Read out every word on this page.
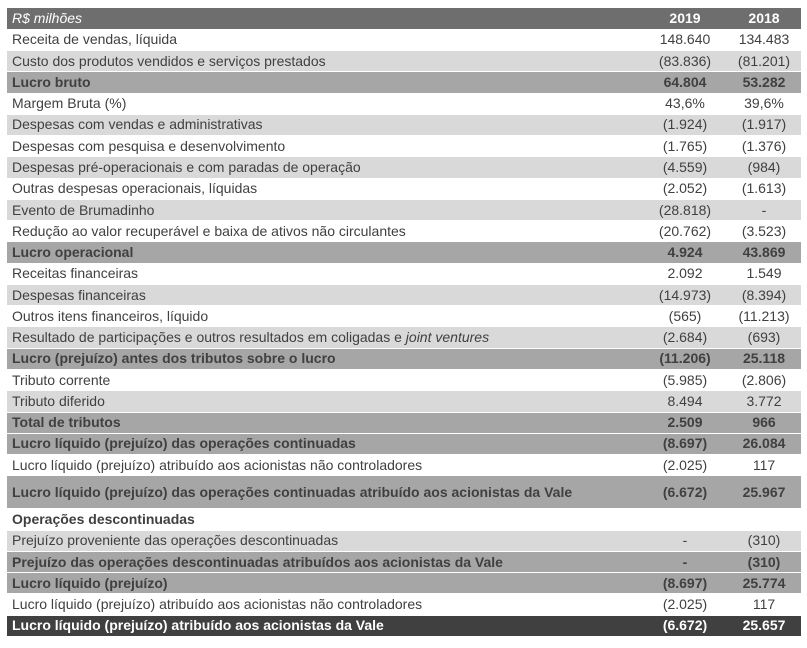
R$ milhões	2019	2018
Receita de vendas, líquida	148.640	134.483
Custo dos produtos vendidos e serviços prestados	(83.836)	(81.201)
Lucro bruto	64.804	53.282
Margem Bruta (%)	43,6%	39,6%
Despesas com vendas e administrativas	(1.924)	(1.917)
Despesas com pesquisa e desenvolvimento	(1.765)	(1.376)
Despesas pré-operacionais e com paradas de operação	(4.559)	(984)
Outras despesas operacionais, líquidas	(2.052)	(1.613)
Evento de Brumadinho	(28.818)	-
Redução ao valor recuperável e baixa de ativos não circulantes	(20.762)	(3.523)
Lucro operacional	4.924	43.869
Receitas financeiras	2.092	1.549
Despesas financeiras	(14.973)	(8.394)
Outros itens financeiros, líquido	(565)	(11.213)
Resultado de participações e outros resultados em coligadas e joint ventures	(2.684)	(693)
Lucro (prejuízo) antes dos tributos sobre o lucro	(11.206)	25.118
Tributo corrente	(5.985)	(2.806)
Tributo diferido	8.494	3.772
Total de tributos	2.509	966
Lucro líquido (prejuízo) das operações continuadas	(8.697)	26.084
Lucro líquido (prejuízo) atribuído aos acionistas não controladores	(2.025)	117
Lucro líquido (prejuízo) das operações continuadas atribuído aos acionistas da Vale	(6.672)	25.967
Operações descontinuadas		
Prejuízo proveniente das operações descontinuadas	-	(310)
Prejuízo das operações descontinuadas atribuídos aos acionistas da Vale	-	(310)
Lucro líquido (prejuízo)	(8.697)	25.774
Lucro líquido (prejuízo) atribuído aos acionistas não controladores	(2.025)	117
Lucro líquido (prejuízo) atribuído aos acionistas da Vale	(6.672)	25.657
